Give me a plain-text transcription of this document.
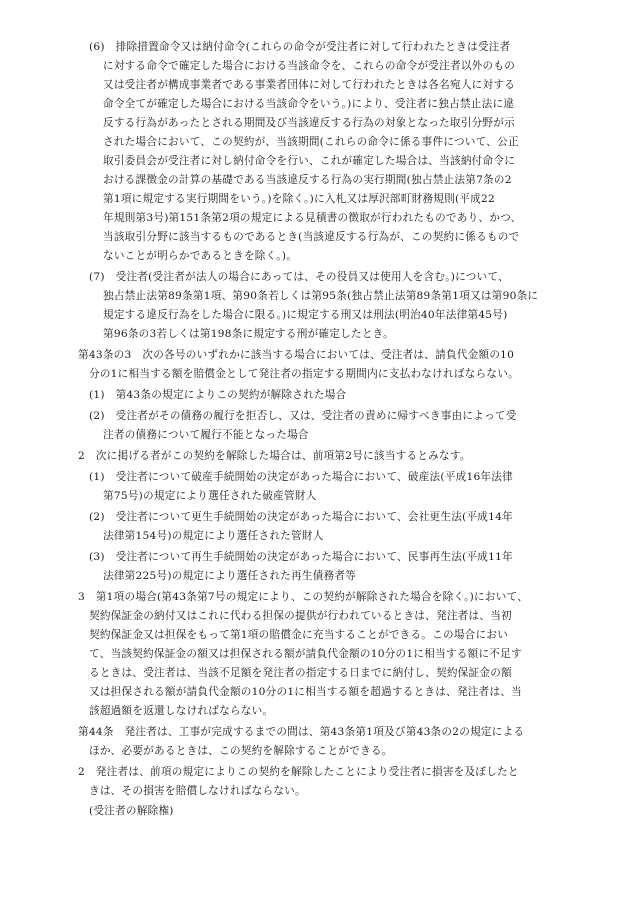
(6)　排除措置命令又は納付命令(これらの命令が受注者に対して行われたときは受注者
に対する命令で確定した場合における当該命令を、これらの命令が受注者以外のもの
又は受注者が構成事業者である事業者団体に対して行われたときは各名宛人に対する
命令全てが確定した場合における当該命令をいう。)により、受注者に独占禁止法に違
反する行為があったとされる期間及び当該違反する行為の対象となった取引分野が示
された場合において、この契約が、当該期間(これらの命令に係る事件について、公正
取引委員会が受注者に対し納付命令を行い、これが確定した場合は、当該納付命令に
おける課徴金の計算の基礎である当該違反する行為の実行期間(独占禁止法第7条の2
第1項に規定する実行期間をいう。)を除く。)に入札又は厚沢部町財務規則(平成22
年規則第3号)第151条第2項の規定による見積書の徴取が行われたものであり、かつ、
当該取引分野に該当するものであるとき(当該違反する行為が、この契約に係るもので
ないことが明らかであるときを除く。)。
(7)　受注者(受注者が法人の場合にあっては、その役員又は使用人を含む。)について、
独占禁止法第89条第1項、第90条若しくは第95条(独占禁止法第89条第1項又は第90条に
規定する違反行為をした場合に限る。)に規定する刑又は刑法(明治40年法律第45号)
第96条の3若しくは第198条に規定する刑が確定したとき。
第43条の3　次の各号のいずれかに該当する場合においては、受注者は、請負代金額の10
分の1に相当する額を賠償金として発注者の指定する期間内に支払わなければならない。
(1)　第43条の規定によりこの契約が解除された場合
(2)　受注者がその債務の履行を拒否し、又は、受注者の責めに帰すべき事由によって受
注者の債務について履行不能となった場合
2　次に掲げる者がこの契約を解除した場合は、前項第2号に該当するとみなす。
(1)　受注者について破産手続開始の決定があった場合において、破産法(平成16年法律
第75号)の規定により選任された破産管財人
(2)　受注者について更生手続開始の決定があった場合において、会社更生法(平成14年
法律第154号)の規定により選任された管財人
(3)　受注者について再生手続開始の決定があった場合において、民事再生法(平成11年
法律第225号)の規定により選任された再生債務者等
3　第1項の場合(第43条第7号の規定により、この契約が解除された場合を除く。)において、
契約保証金の納付又はこれに代わる担保の提供が行われているときは、発注者は、当初
契約保証金又は担保をもって第1項の賠償金に充当することができる。この場合におい
て、当該契約保証金の額又は担保される額が請負代金額の10分の1に相当する額に不足す
るときは、受注者は、当該不足額を発注者の指定する日までに納付し、契約保証金の額
又は担保される額が請負代金額の10分の1に相当する額を超過するときは、発注者は、当
該超過額を返還しなければならない。
第44条　発注者は、工事が完成するまでの間は、第43条第1項及び第43条の2の規定による
ほか、必要があるときは、この契約を解除することができる。
2　発注者は、前項の規定によりこの契約を解除したことにより受注者に損害を及ぼしたと
きは、その損害を賠償しなければならない。
(受注者の解除権)
